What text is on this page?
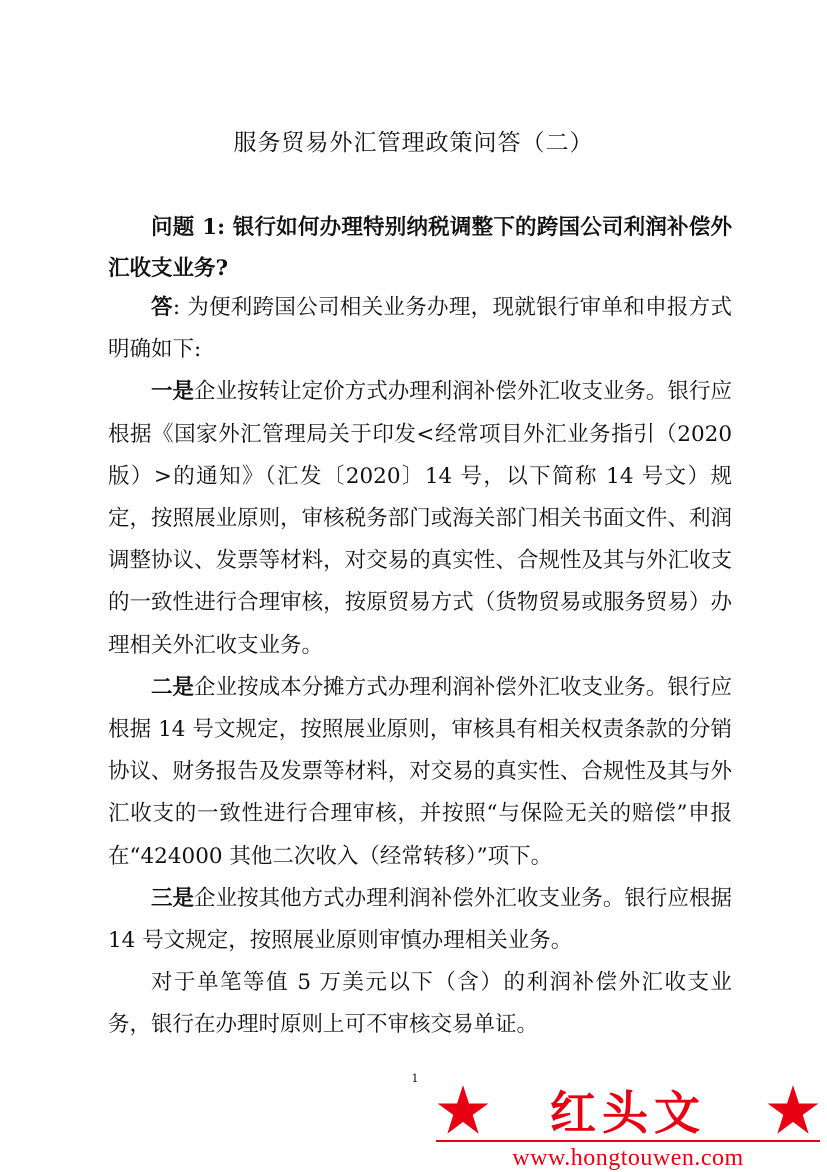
服务贸易外汇管理政策问答（二）
问题 1: 银行如何办理特别纳税调整下的跨国公司利润补偿外汇收支业务?

答: 为便利跨国公司相关业务办理，现就银行审单和申报方式明确如下:

一是企业按转让定价方式办理利润补偿外汇收支业务。银行应根据《国家外汇管理局关于印发<经常项目外汇业务指引（2020 版）>的通知》（汇发〔2020〕14 号，以下简称 14 号文）规定，按照展业原则，审核税务部门或海关部门相关书面文件、利润调整协议、发票等材料，对交易的真实性、合规性及其与外汇收支的一致性进行合理审核，按原贸易方式（货物贸易或服务贸易）办理相关外汇收支业务。

二是企业按成本分摊方式办理利润补偿外汇收支业务。银行应根据 14 号文规定，按照展业原则，审核具有相关权责条款的分销协议、财务报告及发票等材料，对交易的真实性、合规性及其与外汇收支的一致性进行合理审核，并按照“与保险无关的赔偿”申报在“424000 其他二次收入（经常转移）”项下。

三是企业按其他方式办理利润补偿外汇收支业务。银行应根据 14 号文规定，按照展业原则审慎办理相关业务。

对于单笔等值 5 万美元以下（含）的利润补偿外汇收支业务，银行在办理时原则上可不审核交易单证。

1
红头文
www.hongtouwen.com
